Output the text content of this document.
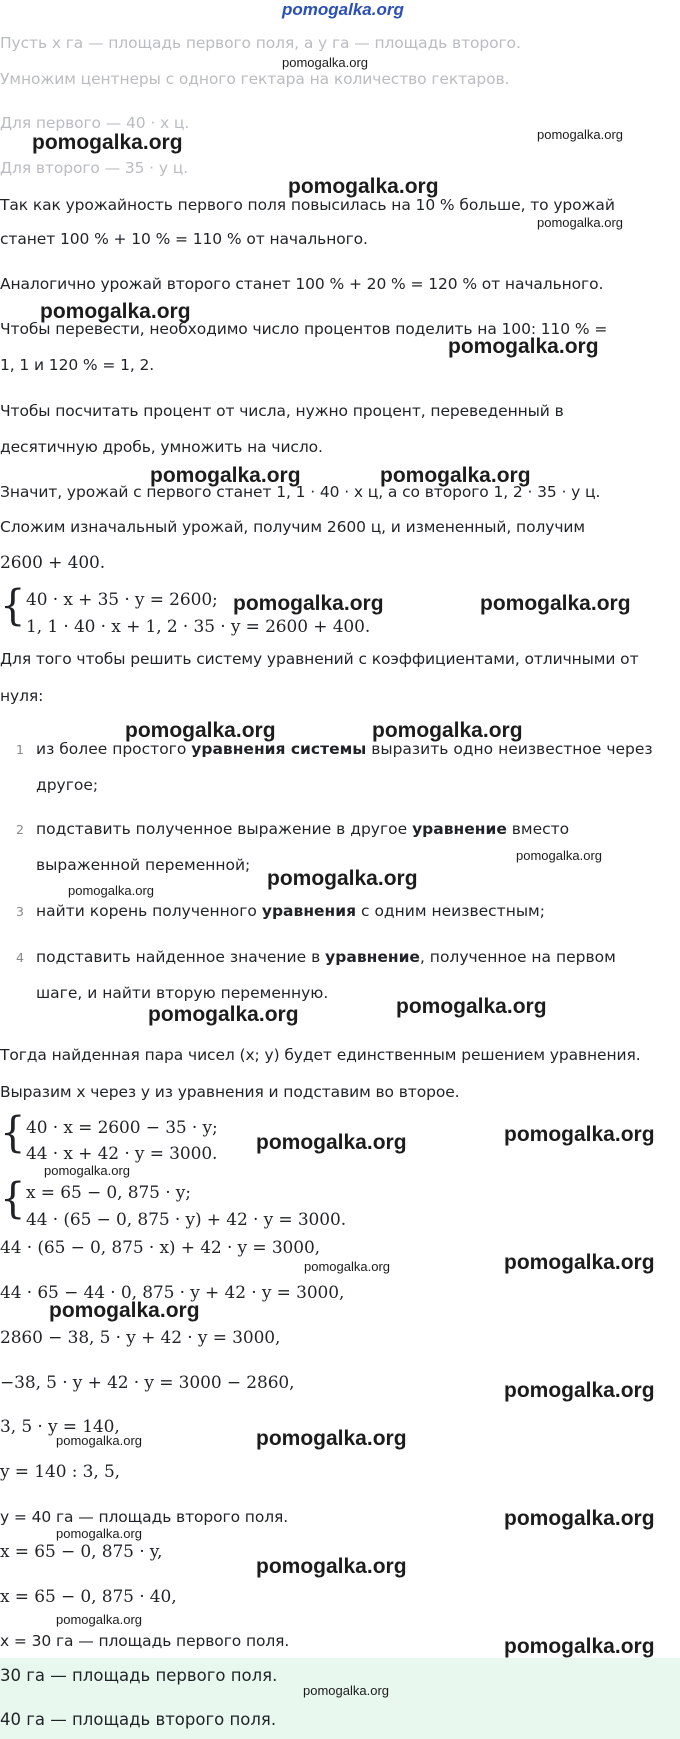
pomogalka.org
Пусть x га — площадь первого поля, а y га — площадь второго.
Умножим центнеры с одного гектара на количество гектаров.
Для первого — 40 · x ц.
Для второго — 35 · y ц.
Так как урожайность первого поля повысилась на 10 % больше, то урожай
станет 100 % + 10 % = 110 % от начального.
Аналогично урожай второго станет 100 % + 20 % = 120 % от начального.
Чтобы перевести, необходимо число процентов поделить на 100: 110 % =
1, 1 и 120 % = 1, 2.
Чтобы посчитать процент от числа, нужно процент, переведенный в
десятичную дробь, умножить на число.
Значит, урожай с первого станет 1, 1 · 40 · x ц, а со второго 1, 2 · 35 · y ц.
Сложим изначальный урожай, получим 2600 ц, и измененный, получим
2600 + 400.
{ 40 · x + 35 · y = 2600;
1, 1 · 40 · x + 1, 2 · 35 · y = 2600 + 400.
Для того чтобы решить систему уравнений с коэффициентами, отличными от
нуля:
1 из более простого уравнения системы выразить одно неизвестное через
другое;
2 подставить полученное выражение в другое уравнение вместо
выраженной переменной;
3 найти корень полученного уравнения с одним неизвестным;
4 подставить найденное значение в уравнение, полученное на первом
шаге, и найти вторую переменную.
Тогда найденная пара чисел (x; y) будет единственным решением уравнения.
Выразим x через y из уравнения и подставим во второе.
{ 40 · x = 2600 − 35 · y;
44 · x + 42 · y = 3000.
{ x = 65 − 0, 875 · y;
44 · (65 − 0, 875 · y) + 42 · y = 3000.
44 · (65 − 0, 875 · x) + 42 · y = 3000,
44 · 65 − 44 · 0, 875 · y + 42 · y = 3000,
2860 − 38, 5 · y + 42 · y = 3000,
−38, 5 · y + 42 · y = 3000 − 2860,
3, 5 · y = 140,
y = 140 : 3, 5,
y = 40 га — площадь второго поля.
x = 65 − 0, 875 · y,
x = 65 − 0, 875 · 40,
x = 30 га — площадь первого поля.
30 га — площадь первого поля.
40 га — площадь второго поля.
pomogalka.org
pomogalka.org	pomogalka.org
pomogalka.org
pomogalka.org
pomogalka.org
pomogalka.org
pomogalka.org	pomogalka.org
pomogalka.org	pomogalka.org
pomogalka.org	pomogalka.org
pomogalka.org
pomogalka.org
pomogalka.org
pomogalka.org	pomogalka.org
pomogalka.org
pomogalka.org
pomogalka.org
pomogalka.org	pomogalka.org
pomogalka.org
pomogalka.org
pomogalka.org	pomogalka.org
pomogalka.org
pomogalka.org
pomogalka.org
pomogalka.org
pomogalka.org
pomogalka.org
